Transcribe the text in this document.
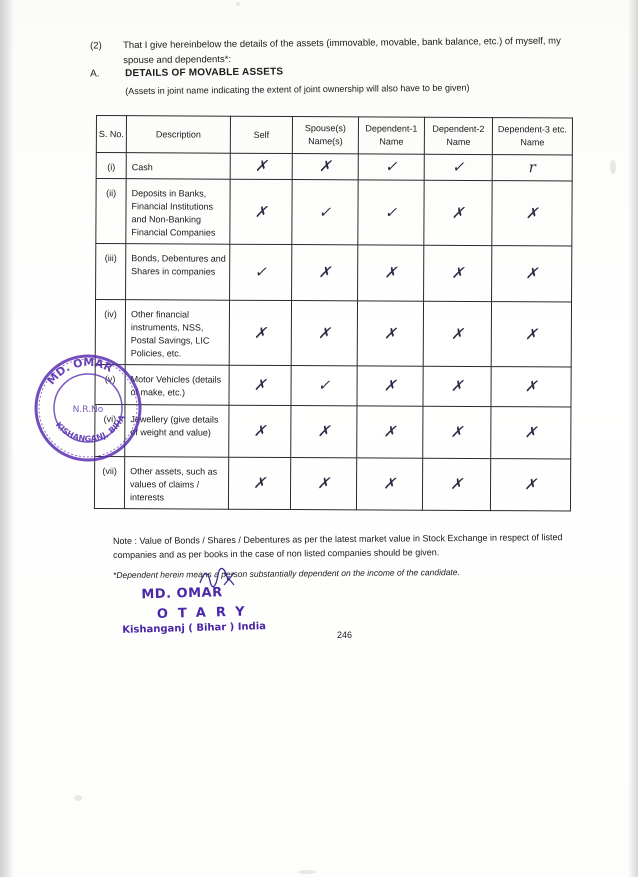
(2) That I give hereinbelow the details of the assets (immovable, movable, bank balance, etc.) of myself, my spouse and dependents*:
A.	DETAILS OF MOVABLE ASSETS
(Assets in joint name indicating the extent of joint ownership will also have to be given)
S. No.	Description	Self	Spouse(s) Name(s)	Dependent-1 Name	Dependent-2 Name	Dependent-3 etc. Name
(i)	Cash	✗	✗	✓	✓	r
(ii)	Deposits in Banks, Financial Institutions and Non-Banking Financial Companies	✗	✓	✓	✗	✗
(iii)	Bonds, Debentures and Shares in companies	✓	✗	✗	✗	✗
(iv)	Other financial instruments, NSS, Postal Savings, LIC Policies, etc.	✗	✗	✗	✗	✗
(v)	Motor Vehicles (details of make, etc.)	✗	✓	✗	✗	✗
(vi)	Jewellery (give details of weight and value)	✗	✗	✗	✗	✗
(vii)	Other assets, such as values of claims / interests	✗	✗	✗	✗	✗
MD. OMAR
KISHANGANJ, BIHA
N.R.No
Note : Value of Bonds / Shares / Debentures as per the latest market value in Stock Exchange in respect of listed companies and as per books in the case of non listed companies should be given.
*Dependent herein means a person substantially dependent on the income of the candidate.
MD. OMAR
OTARY
Kishanganj ( Bihar ) India	246
